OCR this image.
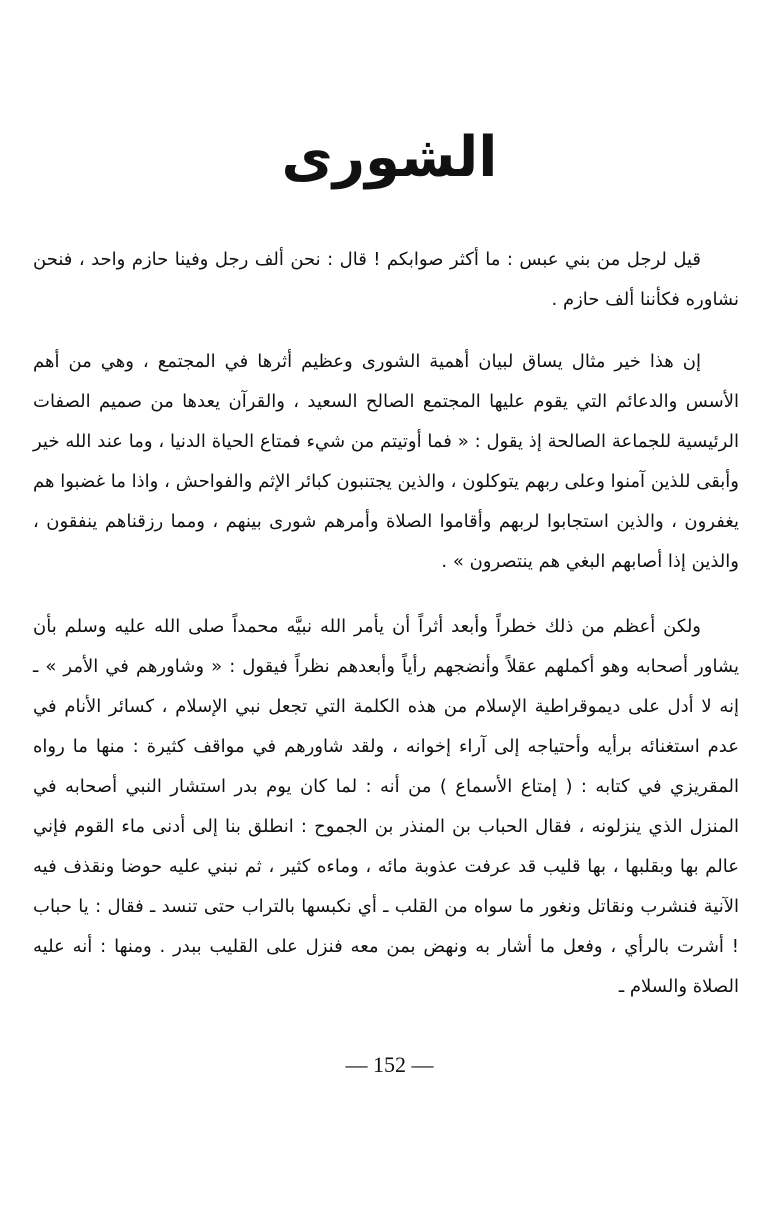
الشورى

قيل لرجل من بني عبس : ما أكثر صوابكم ! قال : نحن ألف رجل وفينا حازم واحد ، فنحن نشاوره فكأننا ألف حازم .

إن هذا خير مثال يساق لبيان أهمية الشورى وعظيم أثرها في المجتمع ، وهي من أهم الأسس والدعائم التي يقوم عليها المجتمع الصالح السعيد ، والقرآن يعدها من صميم الصفات الرئيسية للجماعة الصالحة إذ يقول : « فما أوتيتم من شيء فمتاع الحياة الدنيا ، وما عند الله خير وأبقى للذين آمنوا وعلى ربهم يتوكلون ، والذين يجتنبون كبائر الإثم والفواحش ، واذا ما غضبوا هم يغفرون ، والذين استجابوا لربهم وأقاموا الصلاة وأمرهم شورى بينهم ، ومما رزقناهم ينفقون ، والذين إذا أصابهم البغي هم ينتصرون » .

ولكن أعظم من ذلك خطراً وأبعد أثراً أن يأمر الله نبيَّه محمداً صلى الله عليه وسلم بأن يشاور أصحابه وهو أكملهم عقلاً وأنضجهم رأياً وأبعدهم نظراً فيقول : « وشاورهم في الأمر » ـ إنه لا أدل على ديموقراطية الإسلام من هذه الكلمة التي تجعل نبي الإسلام ، كسائر الأنام في عدم استغنائه برأيه وأحتياجه إلى آراء إخوانه ، ولقد شاورهم في مواقف كثيرة : منها ما رواه المقريزي في كتابه : ( إمتاع الأسماع ) من أنه : لما كان يوم بدر استشار النبي أصحابه في المنزل الذي ينزلونه ، فقال الحباب بن المنذر بن الجموح : انطلق بنا إلى أدنى ماء القوم فإني عالم بها وبقلبها ، بها قليب قد عرفت عذوبة مائه ، وماءه كثير ، ثم نبني عليه حوضا ونقذف فيه الآنية فنشرب ونقاتل ونغور ما سواه من القلب ـ أي نكبسها بالتراب حتى تنسد ـ فقال : يا حباب ! أشرت بالرأي ، وفعل ما أشار به ونهض بمن معه فنزل على القليب ببدر . ومنها : أنه عليه الصلاة والسلام ـ

— 152 —
